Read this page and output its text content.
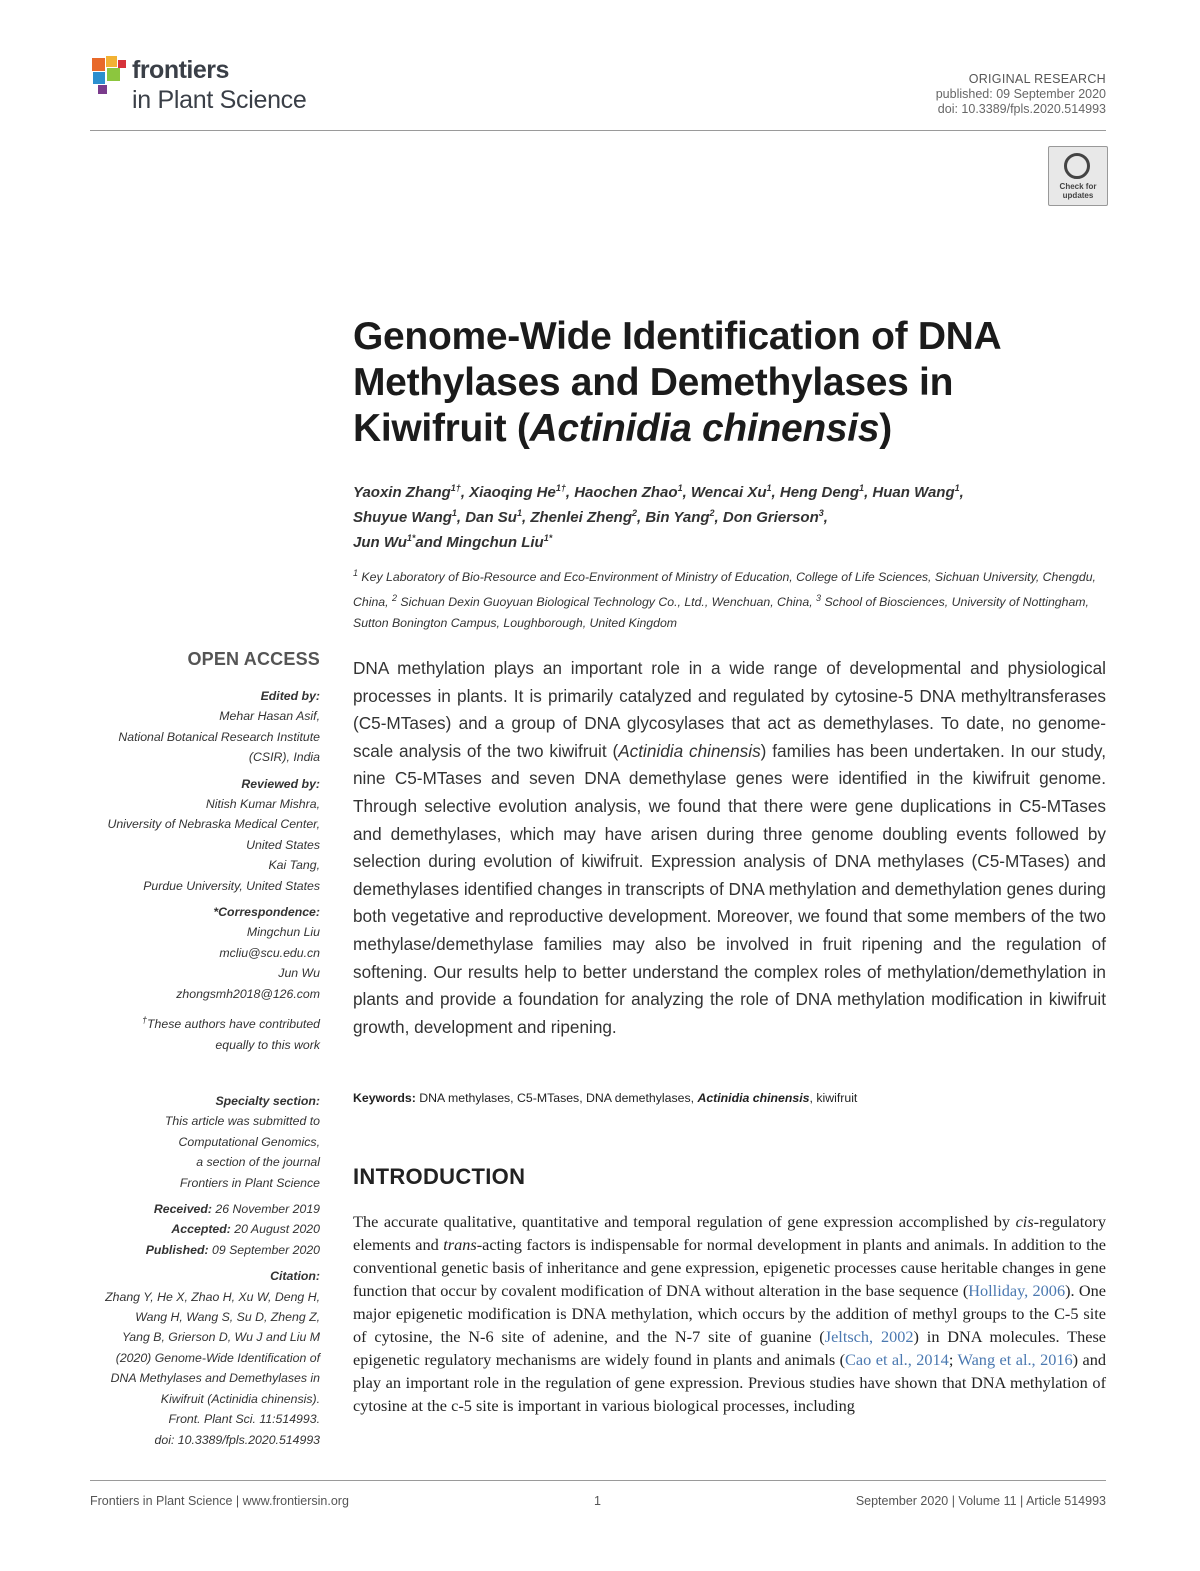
frontiers
in Plant Science
ORIGINAL RESEARCH
published: 09 September 2020
doi: 10.3389/fpls.2020.514993
Check for
updates
Genome-Wide Identification of DNA
Methylases and Demethylases in
Kiwifruit (Actinidia chinensis)
Yaoxin Zhang$^{1\dagger}$, Xiaoqing $He^{1\dagger}$, Haochen Zhao$^1$, Wencai Xu$^1$, Heng Deng$^1$, Huan Wang$^1$,
Shuyue Wang$^1$, Dan Su$^1$, Zhenlei Zheng$^2$, Bin Yang$^2$, Don Grierson$^3$,
Jun $Wu^{1*}and$ Mingchun Liu$^{1*}$
$^1$ Key Laboratory of Bio-Resource and Eco-Environment of Ministry of Education, College of Life Sciences, Sichuan University, Chengdu, China, $^2$ Sichuan Dexin Guoyuan Biological Technology Co., Ltd., Wenchuan, China, $^3$ School of Biosciences, University of Nottingham, Sutton Bonington Campus, Loughborough, United Kingdom
OPEN ACCESS
Edited by:
Mehar Hasan Asif,
National Botanical Research Institute
(CSIR), India
Reviewed by:
Nitish Kumar Mishra,
University of Nebraska Medical Center,
United States
Kai Tang,
Purdue University, United States
*Correspondence:
Mingchun Liu
mcliu@scu.edu.cn
Jun Wu
zhongsmh2018@126.com
†These authors have contributed
equally to this work
Specialty section:
This article was submitted to
Computational Genomics,
a section of the journal
Frontiers in Plant Science
Received: 26 November 2019
Accepted: 20 August 2020
Published: 09 September 2020
Citation:
Zhang Y, He X, Zhao H, Xu W, Deng H,
Wang H, Wang S, Su D, Zheng Z,
Yang B, Grierson D, Wu J and Liu M
(2020) Genome-Wide Identification of
DNA Methylases and Demethylases in
Kiwifruit (Actinidia chinensis).
Front. Plant Sci. 11:514993.
doi: 10.3389/fpls.2020.514993
DNA methylation plays an important role in a wide range of developmental and physiological processes in plants. It is primarily catalyzed and regulated by cytosine-5 DNA methyltransferases (C5-MTases) and a group of DNA glycosylases that act as demethylases. To date, no genome-scale analysis of the two kiwifruit (Actinidia chinensis) families has been undertaken. In our study, nine C5-MTases and seven DNA demethylase genes were identified in the kiwifruit genome. Through selective evolution analysis, we found that there were gene duplications in C5-MTases and demethylases, which may have arisen during three genome doubling events followed by selection during evolution of kiwifruit. Expression analysis of DNA methylases (C5-MTases) and demethylases identified changes in transcripts of DNA methylation and demethylation genes during both vegetative and reproductive development. Moreover, we found that some members of the two methylase/demethylase families may also be involved in fruit ripening and the regulation of softening. Our results help to better understand the complex roles of methylation/demethylation in plants and provide a foundation for analyzing the role of DNA methylation modification in kiwifruit growth, development and ripening.
Keywords: DNA methylases, C5-MTases, DNA demethylases, Actinidia chinensis, kiwifruit
INTRODUCTION
The accurate qualitative, quantitative and temporal regulation of gene expression accomplished by cis-regulatory elements and trans-acting factors is indispensable for normal development in plants and animals. In addition to the conventional genetic basis of inheritance and gene expression, epigenetic processes cause heritable changes in gene function that occur by covalent modification of DNA without alteration in the base sequence (Holliday, 2006). One major epigenetic modification is DNA methylation, which occurs by the addition of methyl groups to the C-5 site of cytosine, the N-6 site of adenine, and the N-7 site of guanine (Jeltsch, 2002) in DNA molecules. These epigenetic regulatory mechanisms are widely found in plants and animals (Cao et al., 2014; Wang et al., 2016) and play an important role in the regulation of gene expression. Previous studies have shown that DNA methylation of cytosine at the c-5 site is important in various biological processes, including
Frontiers in Plant Science | www.frontiersin.org	1	September 2020 | Volume 11 | Article 514993
